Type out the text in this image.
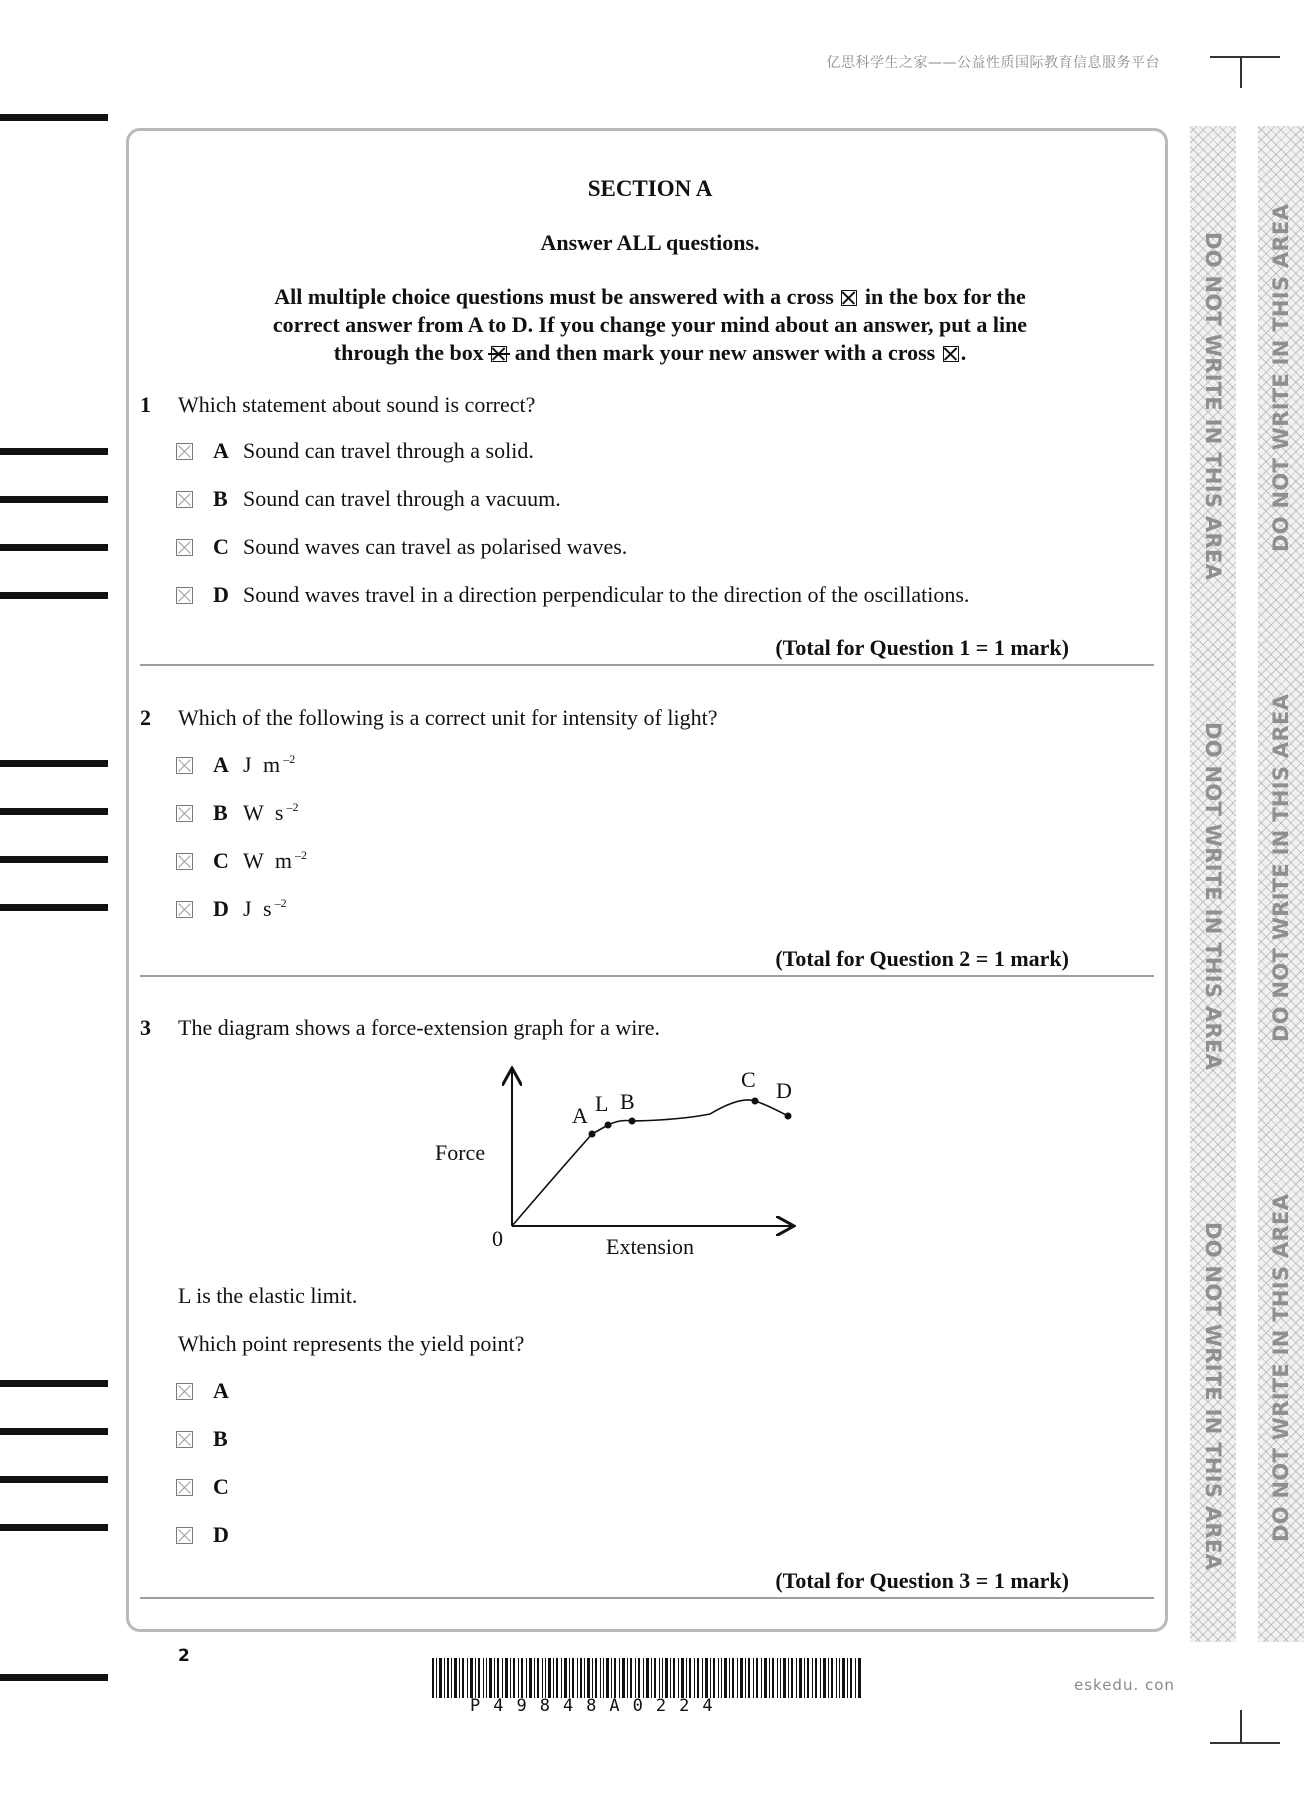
亿思科学生之家——公益性质国际教育信息服务平台
DO NOT WRITE IN THIS AREA
DO NOT WRITE IN THIS AREA
DO NOT WRITE IN THIS AREA
DO NOT WRITE IN THIS AREA
DO NOT WRITE IN THIS AREA
DO NOT WRITE IN THIS AREA
SECTION A
Answer ALL questions.
All multiple choice questions must be answered with a cross ☒ in the box for the
correct answer from A to D. If you change your mind about an answer, put a line
through the box and then mark your new answer with a cross ☒ .
1 Which statement about sound is correct?
A Sound can travel through a solid.
B Sound can travel through a vacuum.
C Sound waves can travel as polarised waves.
D Sound waves travel in a direction perpendicular to the direction of the oscillations.
(Total for Question 1 = 1 mark)
2 Which of the following is a correct unit for intensity of light?
A J $m^{-2}$
B W $s^{-2}$
C W $m^{-2}$
D J $s^{-2}$
(Total for Question 2 = 1 mark)
3 The diagram shows a force-extension graph for a wire.
A L B
C D
Force
Extension
0
L is the elastic limit.
Which point represents the yield point?
A
B
C
D
(Total for Question 3 = 1 mark)
2
P49848A0224
eskedu. con
